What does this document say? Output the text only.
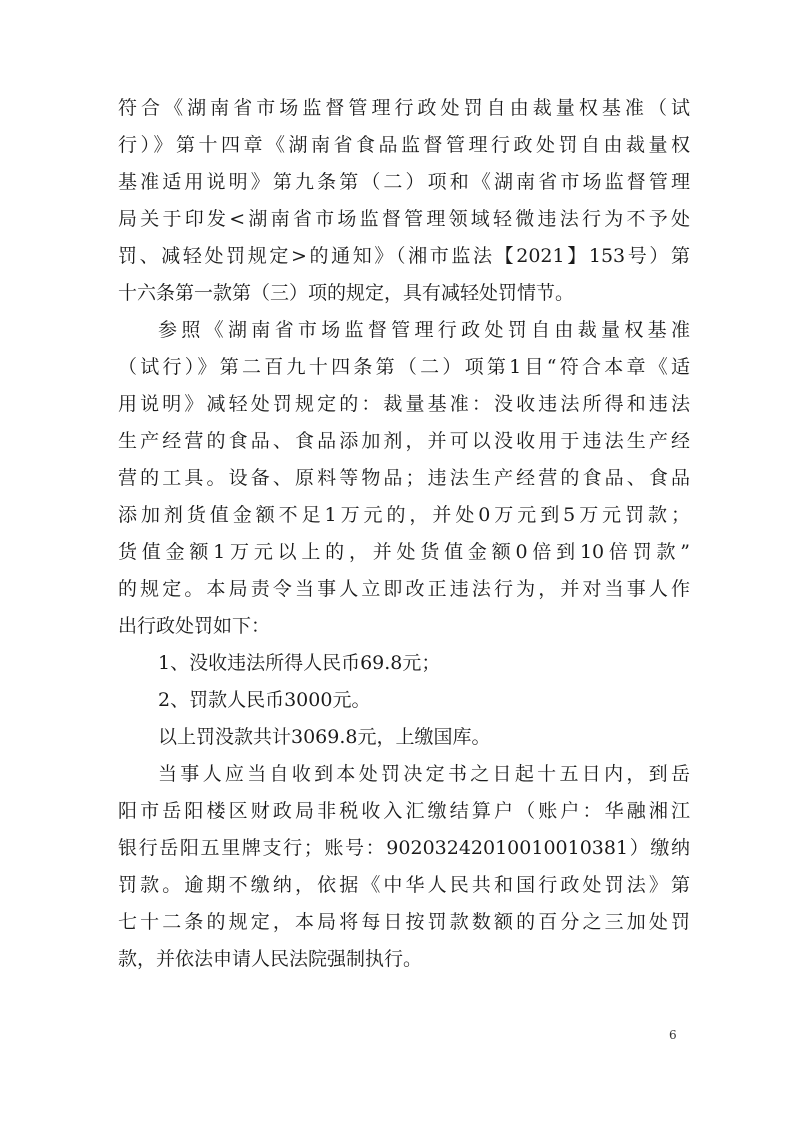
符合《湖南省市场监督管理行政处罚自由裁量权基准（试
行）》第十四章《湖南省食品监督管理行政处罚自由裁量权
基准适用说明》第九条第（二）项和《湖南省市场监督管理
局关于印发<湖南省市场监督管理领域轻微违法行为不予处
罚、减轻处罚规定>的通知》（湘市监法【2021】153号）第
十六条第一款第（三）项的规定，具有减轻处罚情节。
参照《湖南省市场监督管理行政处罚自由裁量权基准
（试行）》第二百九十四条第（二）项第1目“符合本章《适
用说明》减轻处罚规定的：裁量基准：没收违法所得和违法
生产经营的食品、食品添加剂，并可以没收用于违法生产经
营的工具。设备、原料等物品；违法生产经营的食品、食品
添加剂货值金额不足1万元的，并处0万元到5万元罚款；
货值金额1万元以上的，并处货值金额0倍到10倍罚款”
的规定。本局责令当事人立即改正违法行为，并对当事人作
出行政处罚如下：
1、没收违法所得人民币69.8元；
2、罚款人民币3000元。
以上罚没款共计3069.8元，上缴国库。
当事人应当自收到本处罚决定书之日起十五日内，到岳
阳市岳阳楼区财政局非税收入汇缴结算户（账户：华融湘江
银行岳阳五里牌支行；账号：90203242010010010381）缴纳
罚款。逾期不缴纳，依据《中华人民共和国行政处罚法》第
七十二条的规定，本局将每日按罚款数额的百分之三加处罚
款，并依法申请人民法院强制执行。
6
